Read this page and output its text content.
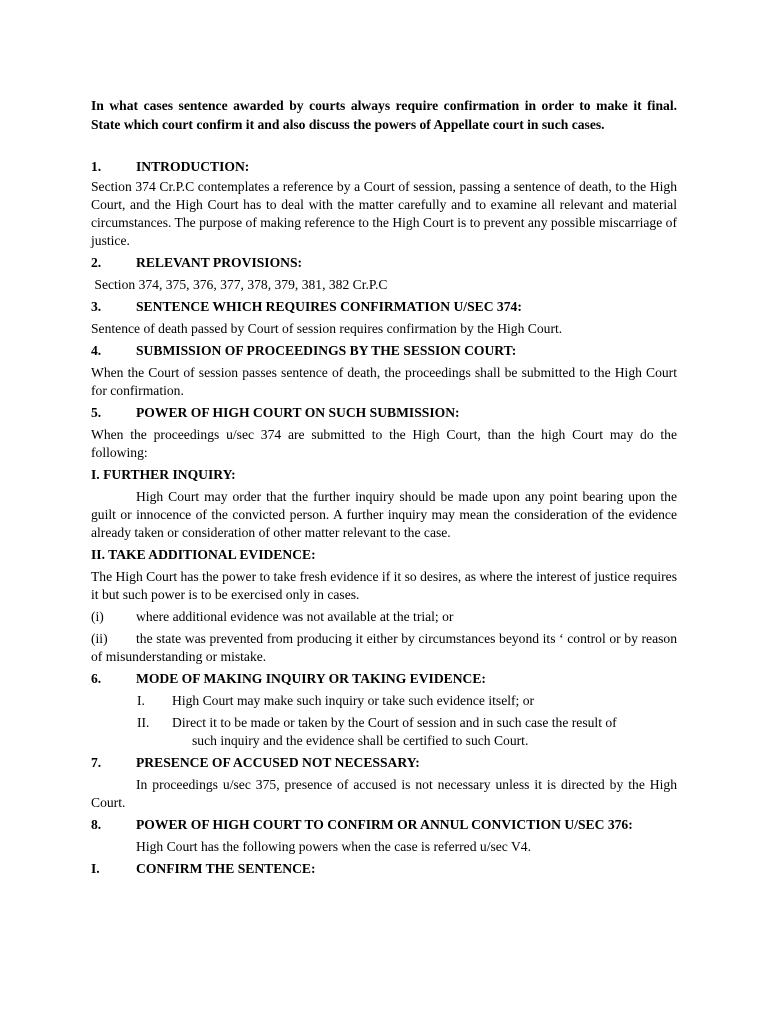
In what cases sentence awarded by courts always require confirmation in order to make it final. State which court confirm it and also discuss the powers of Appellate court in such cases.

1.	INTRODUCTION:

Section 374 Cr.P.C contemplates a reference by a Court of session, passing a sentence of death, to the High Court, and the High Court has to deal with the matter carefully and to examine all relevant and material circumstances. The purpose of making reference to the High Court is to prevent any possible miscarriage of justice.

2.	RELEVANT PROVISIONS:

Section 374, 375, 376, 377, 378, 379, 381, 382 Cr.P.C

3.	SENTENCE WHICH REQUIRES CONFIRMATION U/SEC 374:

Sentence of death passed by Court of session requires confirmation by the High Court.

4.	SUBMISSION OF PROCEEDINGS BY THE SESSION COURT:

When the Court of session passes sentence of death, the proceedings shall be submitted to the High Court for confirmation.

5.	POWER OF HIGH COURT ON SUCH SUBMISSION:

When the proceedings u/sec 374 are submitted to the High Court, than the high Court may do the following:

I. FURTHER INQUIRY:

High Court may order that the further inquiry should be made upon any point bearing upon the guilt or innocence of the convicted person. A further inquiry may mean the consideration of the evidence already taken or consideration of other matter relevant to the case.

II. TAKE ADDITIONAL EVIDENCE:

The High Court has the power to take fresh evidence if it so desires, as where the interest of justice requires it but such power is to be exercised only in cases.

(i) where additional evidence was not available at the trial; or

(ii) the state was prevented from producing it either by circumstances beyond its ‘ control or by reason of misunderstanding or mistake.

6.	MODE OF MAKING INQUIRY OR TAKING EVIDENCE:
I.	High Court may make such inquiry or take such evidence itself; or
II.	Direct it to be made or taken by the Court of session and in such case the result of
such inquiry and the evidence shall be certified to such Court.
7.	PRESENCE OF ACCUSED NOT NECESSARY:

In proceedings u/sec 375, presence of accused is not necessary unless it is directed by the High Court.

8.	POWER OF HIGH COURT TO CONFIRM OR ANNUL CONVICTION U/SEC 376:

High Court has the following powers when the case is referred u/sec V4.

I.	CONFIRM THE SENTENCE:
